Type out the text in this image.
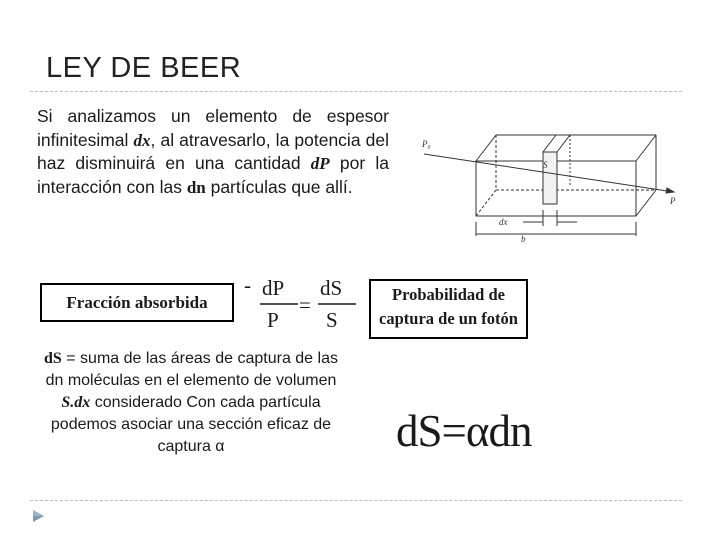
LEY DE BEER
Si analizamos un elemento de espesor infinitesimal dx, al atravesarlo, la potencia del haz disminuirá en una cantidad dP por la interacción con las dn partículas que allí.
P₀
P
S
dx
b
Fracción absorbida
- dP
P
=
dS
S
Probabilidad de captura de un fotón
dS = suma de las áreas de captura de las dn moléculas en el elemento de volumen S.dx considerado Con cada partícula podemos asociar una sección eficaz de captura α	dS=αdn
